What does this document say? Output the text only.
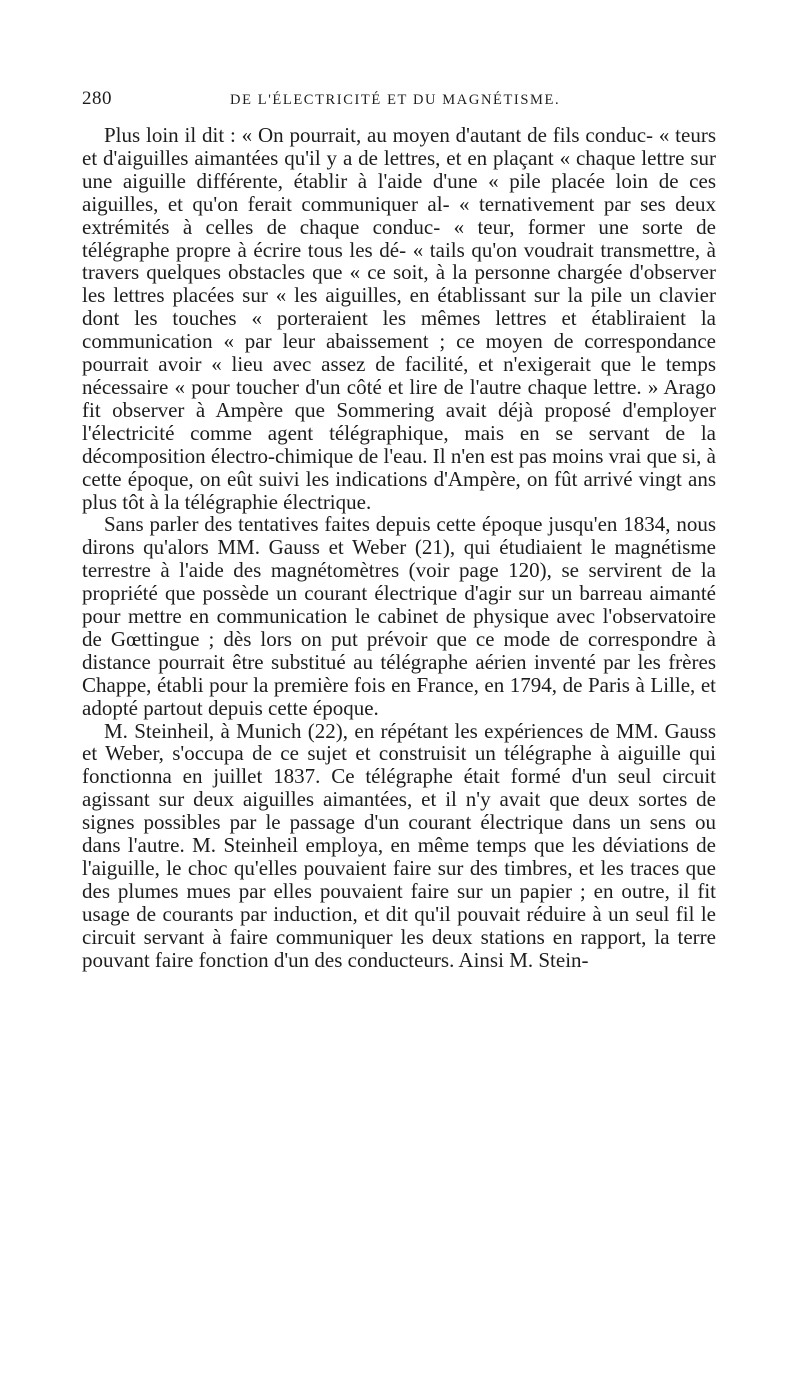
280	DE L'ÉLECTRICITÉ ET DU MAGNÉTISME.

Plus loin il dit : « On pourrait, au moyen d'autant de fils conduc- « teurs et d'aiguilles aimantées qu'il y a de lettres, et en plaçant « chaque lettre sur une aiguille différente, établir à l'aide d'une « pile placée loin de ces aiguilles, et qu'on ferait communiquer al- « ternativement par ses deux extrémités à celles de chaque conduc- « teur, former une sorte de télégraphe propre à écrire tous les dé- « tails qu'on voudrait transmettre, à travers quelques obstacles que « ce soit, à la personne chargée d'observer les lettres placées sur « les aiguilles, en établissant sur la pile un clavier dont les touches « porteraient les mêmes lettres et établiraient la communication « par leur abaissement ; ce moyen de correspondance pourrait avoir « lieu avec assez de facilité, et n'exigerait que le temps nécessaire « pour toucher d'un côté et lire de l'autre chaque lettre. » Arago fit observer à Ampère que Sommering avait déjà proposé d'employer l'électricité comme agent télégraphique, mais en se servant de la décomposition électro-chimique de l'eau. Il n'en est pas moins vrai que si, à cette époque, on eût suivi les indications d'Ampère, on fût arrivé vingt ans plus tôt à la télégraphie électrique.

Sans parler des tentatives faites depuis cette époque jusqu'en 1834, nous dirons qu'alors MM. Gauss et Weber (21), qui étudiaient le magnétisme terrestre à l'aide des magnétomètres (voir page 120), se servirent de la propriété que possède un courant électrique d'agir sur un barreau aimanté pour mettre en communication le cabinet de physique avec l'observatoire de Gœttingue ; dès lors on put prévoir que ce mode de correspondre à distance pourrait être substitué au télégraphe aérien inventé par les frères Chappe, établi pour la première fois en France, en 1794, de Paris à Lille, et adopté partout depuis cette époque.

M. Steinheil, à Munich (22), en répétant les expériences de MM. Gauss et Weber, s'occupa de ce sujet et construisit un télégraphe à aiguille qui fonctionna en juillet 1837. Ce télégraphe était formé d'un seul circuit agissant sur deux aiguilles aimantées, et il n'y avait que deux sortes de signes possibles par le passage d'un courant électrique dans un sens ou dans l'autre. M. Steinheil employa, en même temps que les déviations de l'aiguille, le choc qu'elles pouvaient faire sur des timbres, et les traces que des plumes mues par elles pouvaient faire sur un papier ; en outre, il fit usage de courants par induction, et dit qu'il pouvait réduire à un seul fil le circuit servant à faire communiquer les deux stations en rapport, la terre pouvant faire fonction d'un des conducteurs. Ainsi M. Stein-
